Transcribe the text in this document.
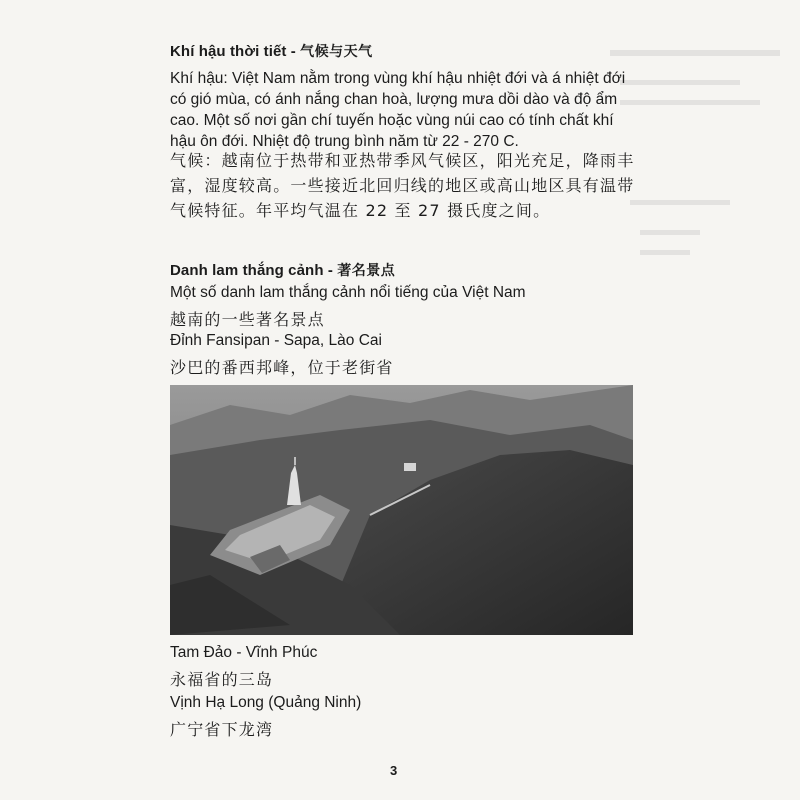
Khí hậu thời tiết - 气候与天气
Khí hậu: Việt Nam nằm trong vùng khí hậu nhiệt đới và á nhiệt đới có gió mùa, có ánh nắng chan hoà, lượng mưa dồi dào và độ ẩm cao. Một số nơi gần chí tuyến hoặc vùng núi cao có tính chất khí hậu ôn đới. Nhiệt độ trung bình năm từ 22 - 270 C.
气候：越南位于热带和亚热带季风气候区，阳光充足，降雨丰富，湿度较高。一些接近北回归线的地区或高山地区具有温带气候特征。年平均气温在 22 至 27 摄氏度之间。
Danh lam thắng cảnh - 著名景点
Một số danh lam thắng cảnh nổi tiếng của Việt Nam
越南的一些著名景点
Đỉnh Fansipan - Sapa, Lào Cai
沙巴的番西邦峰，位于老街省
Tam Đảo - Vĩnh Phúc
永福省的三岛
Vịnh Hạ Long (Quảng Ninh)
广宁省下龙湾
3
